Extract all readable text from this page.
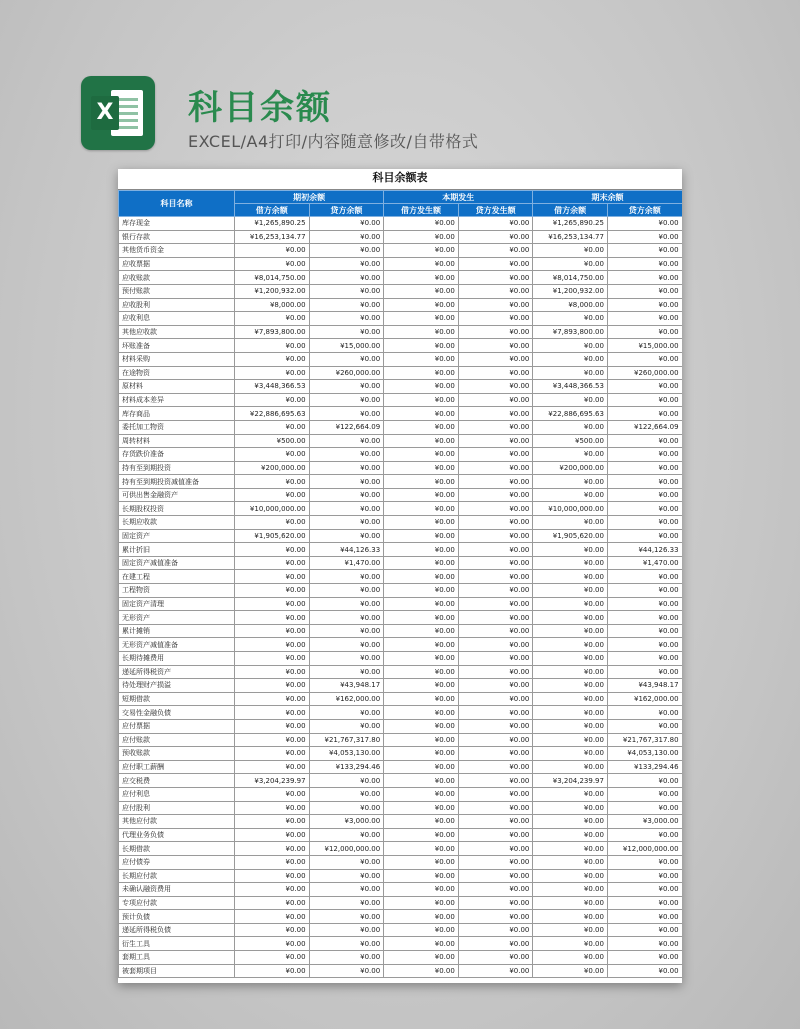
X 科目余额
EXCEL/A4打印/内容随意修改/自带格式
科目余额表
科目名称	期初余额		本期发生		期末余额	
	借方余额	贷方余额	借方发生额	贷方发生额	借方余额	贷方余额
库存现金	¥1,265,890.25	¥0.00	¥0.00	¥0.00	¥1,265,890.25	¥0.00
银行存款	¥16,253,134.77	¥0.00	¥0.00	¥0.00	¥16,253,134.77	¥0.00
其他货币资金	¥0.00	¥0.00	¥0.00	¥0.00	¥0.00	¥0.00
应收票据	¥0.00	¥0.00	¥0.00	¥0.00	¥0.00	¥0.00
应收账款	¥8,014,750.00	¥0.00	¥0.00	¥0.00	¥8,014,750.00	¥0.00
预付账款	¥1,200,932.00	¥0.00	¥0.00	¥0.00	¥1,200,932.00	¥0.00
应收股利	¥8,000.00	¥0.00	¥0.00	¥0.00	¥8,000.00	¥0.00
应收利息	¥0.00	¥0.00	¥0.00	¥0.00	¥0.00	¥0.00
其他应收款	¥7,893,800.00	¥0.00	¥0.00	¥0.00	¥7,893,800.00	¥0.00
坏账准备	¥0.00	¥15,000.00	¥0.00	¥0.00	¥0.00	¥15,000.00
材料采购	¥0.00	¥0.00	¥0.00	¥0.00	¥0.00	¥0.00
在途物资	¥0.00	¥260,000.00	¥0.00	¥0.00	¥0.00	¥260,000.00
原材料	¥3,448,366.53	¥0.00	¥0.00	¥0.00	¥3,448,366.53	¥0.00
材料成本差异	¥0.00	¥0.00	¥0.00	¥0.00	¥0.00	¥0.00
库存商品	¥22,886,695.63	¥0.00	¥0.00	¥0.00	¥22,886,695.63	¥0.00
委托加工物资	¥0.00	¥122,664.09	¥0.00	¥0.00	¥0.00	¥122,664.09
周转材料	¥500.00	¥0.00	¥0.00	¥0.00	¥500.00	¥0.00
存货跌价准备	¥0.00	¥0.00	¥0.00	¥0.00	¥0.00	¥0.00
持有至到期投资	¥200,000.00	¥0.00	¥0.00	¥0.00	¥200,000.00	¥0.00
持有至到期投资减值准备	¥0.00	¥0.00	¥0.00	¥0.00	¥0.00	¥0.00
可供出售金融资产	¥0.00	¥0.00	¥0.00	¥0.00	¥0.00	¥0.00
长期股权投资	¥10,000,000.00	¥0.00	¥0.00	¥0.00	¥10,000,000.00	¥0.00
长期应收款	¥0.00	¥0.00	¥0.00	¥0.00	¥0.00	¥0.00
固定资产	¥1,905,620.00	¥0.00	¥0.00	¥0.00	¥1,905,620.00	¥0.00
累计折旧	¥0.00	¥44,126.33	¥0.00	¥0.00	¥0.00	¥44,126.33
固定资产减值准备	¥0.00	¥1,470.00	¥0.00	¥0.00	¥0.00	¥1,470.00
在建工程	¥0.00	¥0.00	¥0.00	¥0.00	¥0.00	¥0.00
工程物资	¥0.00	¥0.00	¥0.00	¥0.00	¥0.00	¥0.00
固定资产清理	¥0.00	¥0.00	¥0.00	¥0.00	¥0.00	¥0.00
无形资产	¥0.00	¥0.00	¥0.00	¥0.00	¥0.00	¥0.00
累计摊销	¥0.00	¥0.00	¥0.00	¥0.00	¥0.00	¥0.00
无形资产减值准备	¥0.00	¥0.00	¥0.00	¥0.00	¥0.00	¥0.00
长期待摊费用	¥0.00	¥0.00	¥0.00	¥0.00	¥0.00	¥0.00
递延所得税资产	¥0.00	¥0.00	¥0.00	¥0.00	¥0.00	¥0.00
待处理财产损溢	¥0.00	¥43,948.17	¥0.00	¥0.00	¥0.00	¥43,948.17
短期借款	¥0.00	¥162,000.00	¥0.00	¥0.00	¥0.00	¥162,000.00
交易性金融负债	¥0.00	¥0.00	¥0.00	¥0.00	¥0.00	¥0.00
应付票据	¥0.00	¥0.00	¥0.00	¥0.00	¥0.00	¥0.00
应付账款	¥0.00	¥21,767,317.80	¥0.00	¥0.00	¥0.00	¥21,767,317.80
预收账款	¥0.00	¥4,053,130.00	¥0.00	¥0.00	¥0.00	¥4,053,130.00
应付职工薪酬	¥0.00	¥133,294.46	¥0.00	¥0.00	¥0.00	¥133,294.46
应交税费	¥3,204,239.97	¥0.00	¥0.00	¥0.00	¥3,204,239.97	¥0.00
应付利息	¥0.00	¥0.00	¥0.00	¥0.00	¥0.00	¥0.00
应付股利	¥0.00	¥0.00	¥0.00	¥0.00	¥0.00	¥0.00
其他应付款	¥0.00	¥3,000.00	¥0.00	¥0.00	¥0.00	¥3,000.00
代理业务负债	¥0.00	¥0.00	¥0.00	¥0.00	¥0.00	¥0.00
长期借款	¥0.00	¥12,000,000.00	¥0.00	¥0.00	¥0.00	¥12,000,000.00
应付债券	¥0.00	¥0.00	¥0.00	¥0.00	¥0.00	¥0.00
长期应付款	¥0.00	¥0.00	¥0.00	¥0.00	¥0.00	¥0.00
未确认融资费用	¥0.00	¥0.00	¥0.00	¥0.00	¥0.00	¥0.00
专项应付款	¥0.00	¥0.00	¥0.00	¥0.00	¥0.00	¥0.00
预计负债	¥0.00	¥0.00	¥0.00	¥0.00	¥0.00	¥0.00
递延所得税负债	¥0.00	¥0.00	¥0.00	¥0.00	¥0.00	¥0.00
衍生工具	¥0.00	¥0.00	¥0.00	¥0.00	¥0.00	¥0.00
套期工具	¥0.00	¥0.00	¥0.00	¥0.00	¥0.00	¥0.00
被套期项目	¥0.00	¥0.00	¥0.00	¥0.00	¥0.00	¥0.00
